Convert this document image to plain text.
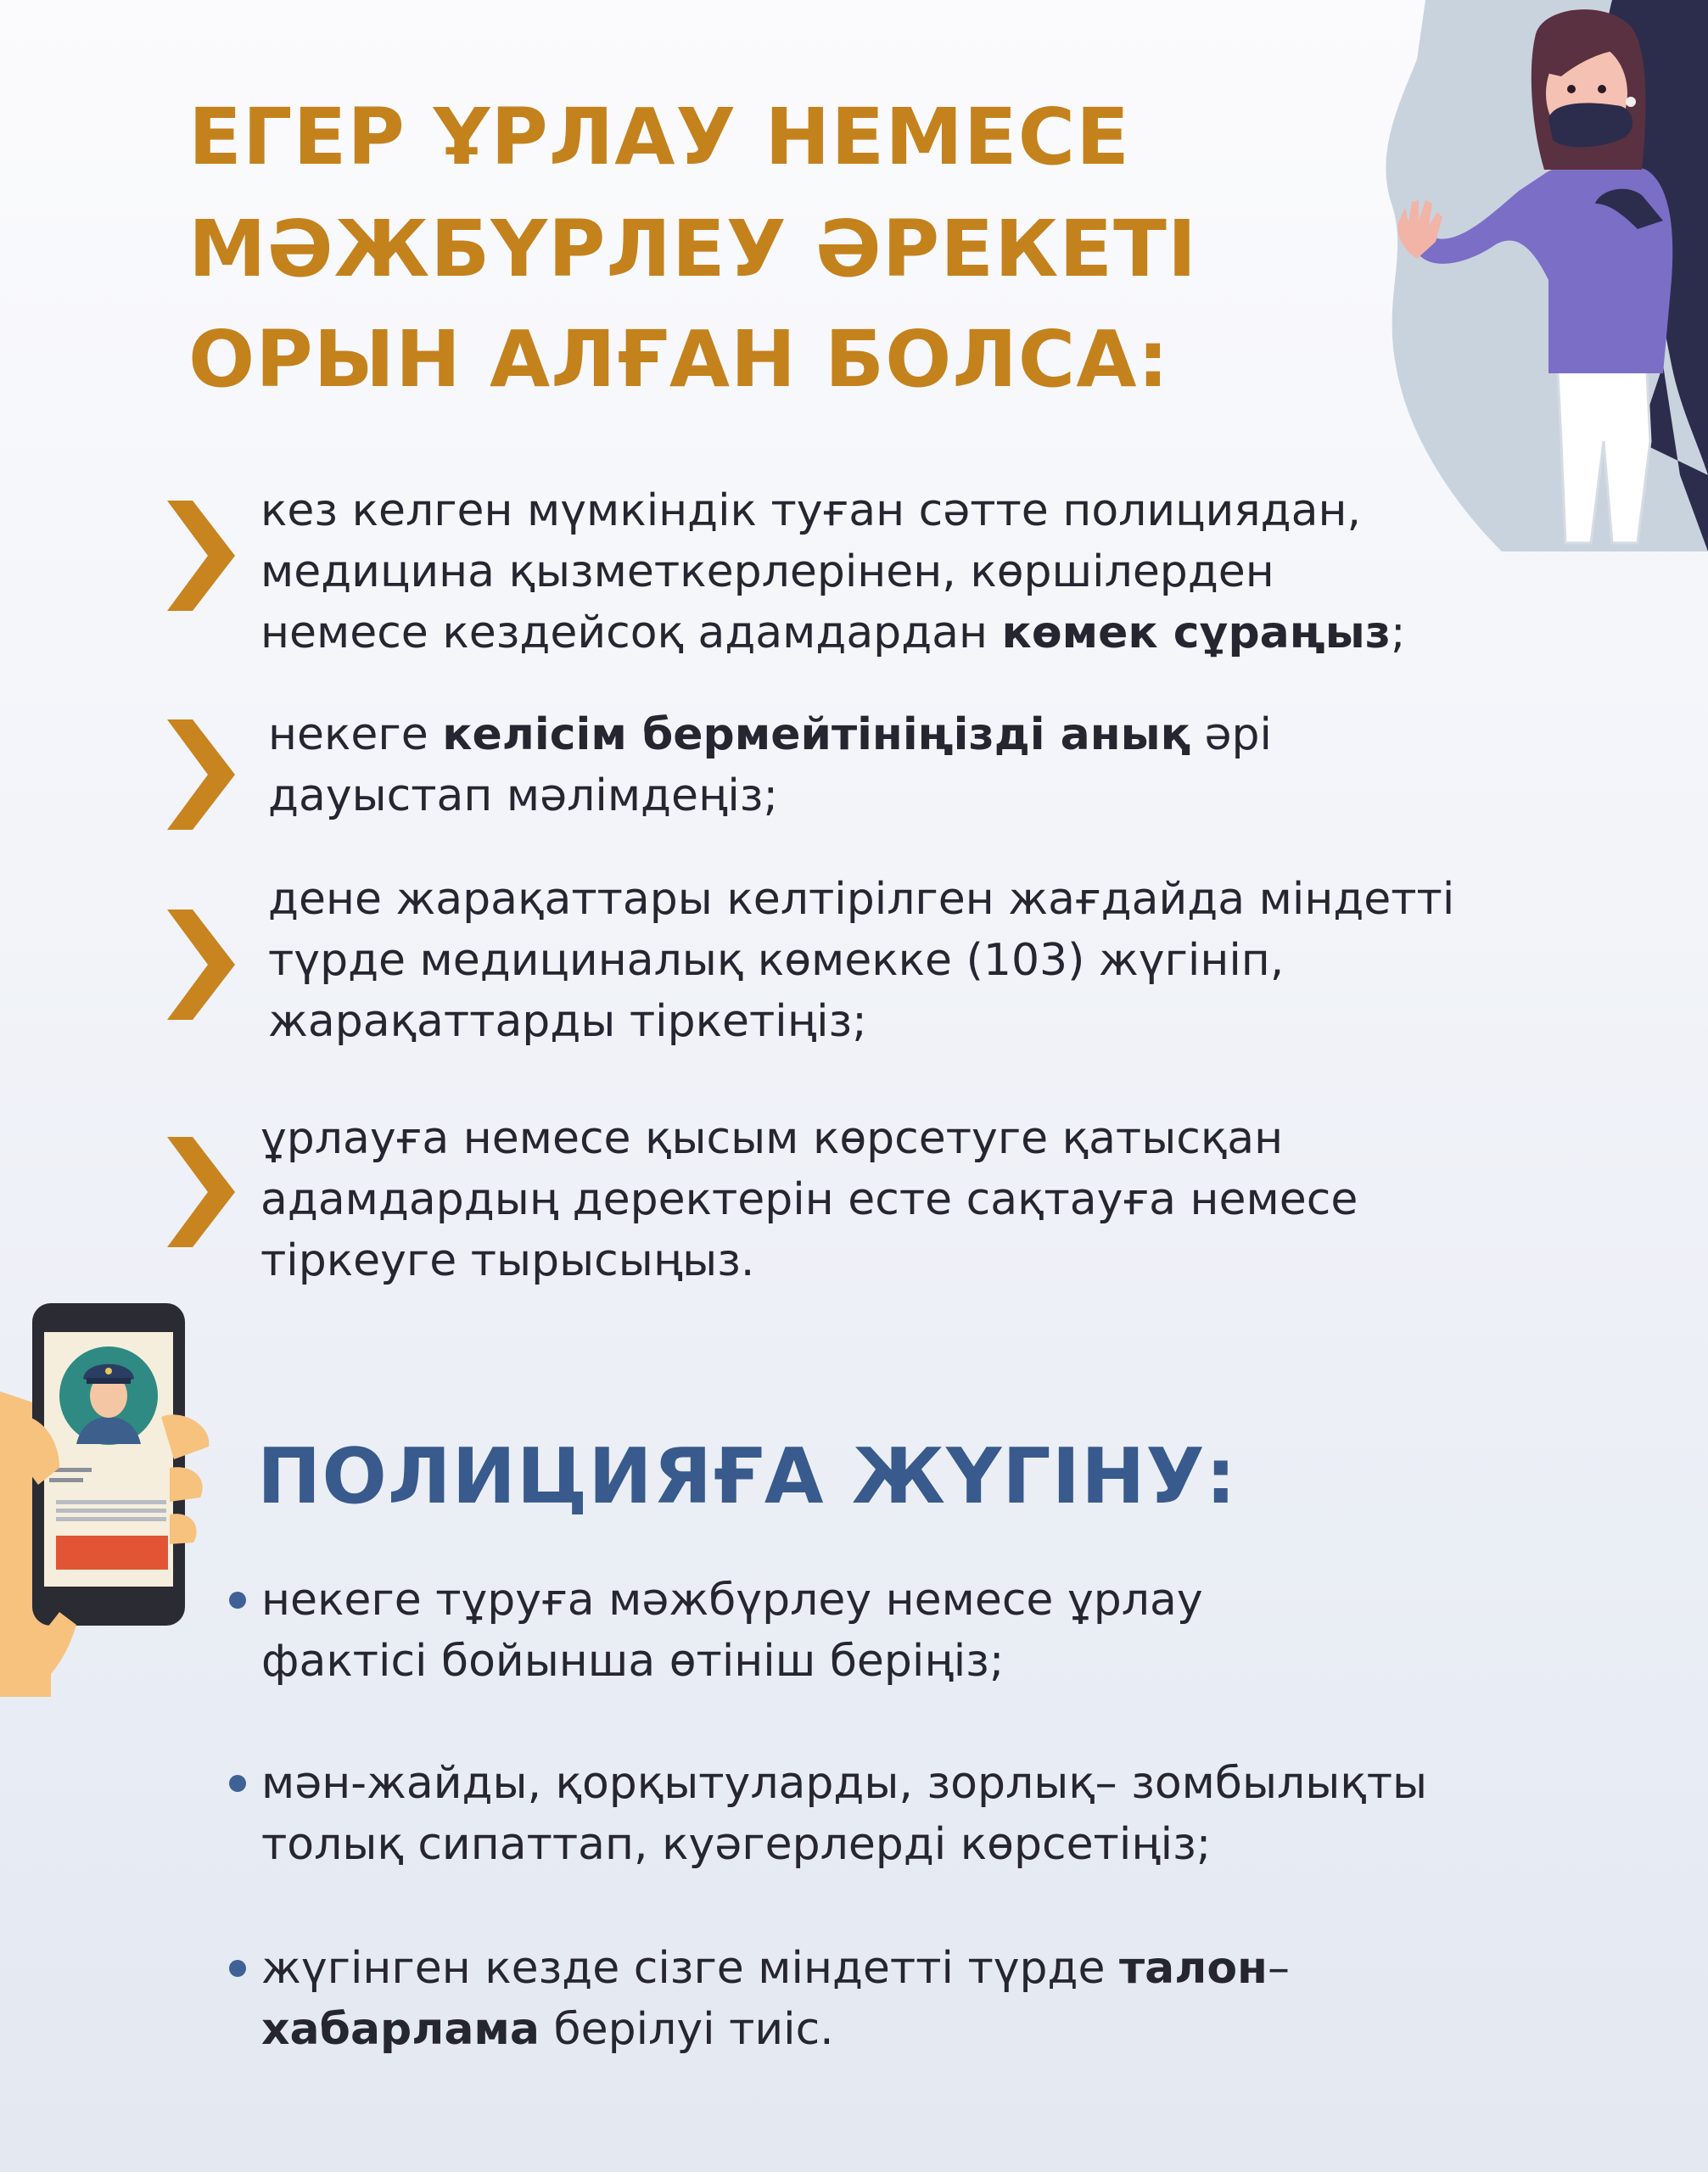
ЕГЕР ҰРЛАУ НЕМЕСЕ
МӘЖБҮРЛЕУ ӘРЕКЕТІ
ОРЫН АЛҒАН БОЛСА:
кез келген мүмкіндік туған сәтте полициядан,
медицина қызметкерлерінен, көршілерден
немесе кездейсоқ адамдардан көмек сұраңыз;
некеге келісім бермейтініңізді анық әрі
дауыстап мәлімдеңіз;
дене жарақаттары келтірілген жағдайда міндетті
түрде медициналық көмекке (103) жүгініп,
жарақаттарды тіркетіңіз;
ұрлауға немесе қысым көрсетуге қатысқан
адамдардың деректерін есте сақтауға немесе
тіркеуге тырысыңыз.
ПОЛИЦИЯҒА ЖҮГІНУ:
некеге тұруға мәжбүрлеу немесе ұрлау
фактісі бойынша өтініш беріңіз;
мән-жайды, қорқытуларды, зорлық– зомбылықты
толық сипаттап, куәгерлерді көрсетіңіз;
жүгінген кезде сізге міндетті түрде талон–
хабарлама берілуі тиіс.
